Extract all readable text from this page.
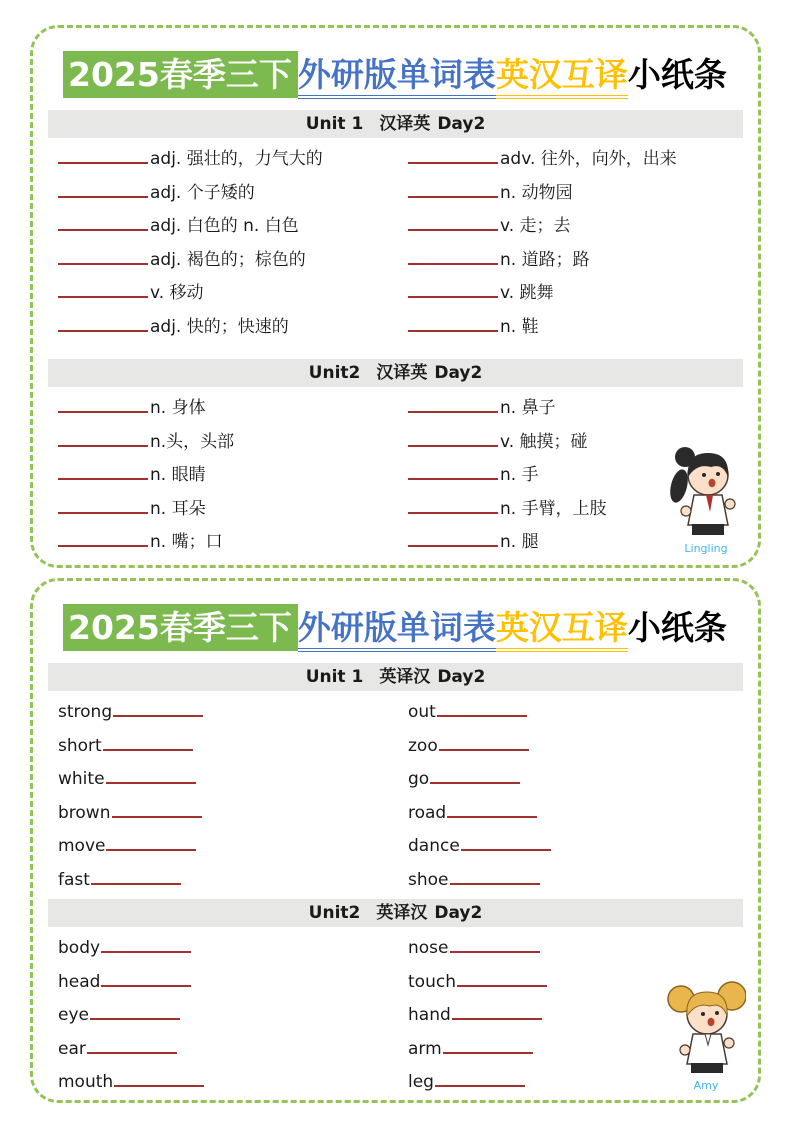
2025春季三下 外研版单词表英汉互译小纸条
Unit 1 汉译英 Day2
adj. 强壮的，力气大的
adj. 个子矮的
adj. 白色的 n. 白色
adj. 褐色的；棕色的
v. 移动
adj. 快的；快速的
adv. 往外，向外，出来
n. 动物园
v. 走；去
n. 道路；路
v. 跳舞
n. 鞋
Unit2 汉译英 Day2
n. 身体
n.头，头部
n. 眼睛
n. 耳朵
n. 嘴；口
n. 鼻子
v. 触摸；碰
n. 手
n. 手臂，上肢
n. 腿	Lingling
2025春季三下 外研版单词表英汉互译小纸条
Unit 1 英译汉 Day2
strong
short
white
brown
move
fast
out
zoo
go
road
dance
shoe
Unit2 英译汉 Day2
body
head
eye
ear
mouth
nose
touch
hand
arm
leg	Amy
